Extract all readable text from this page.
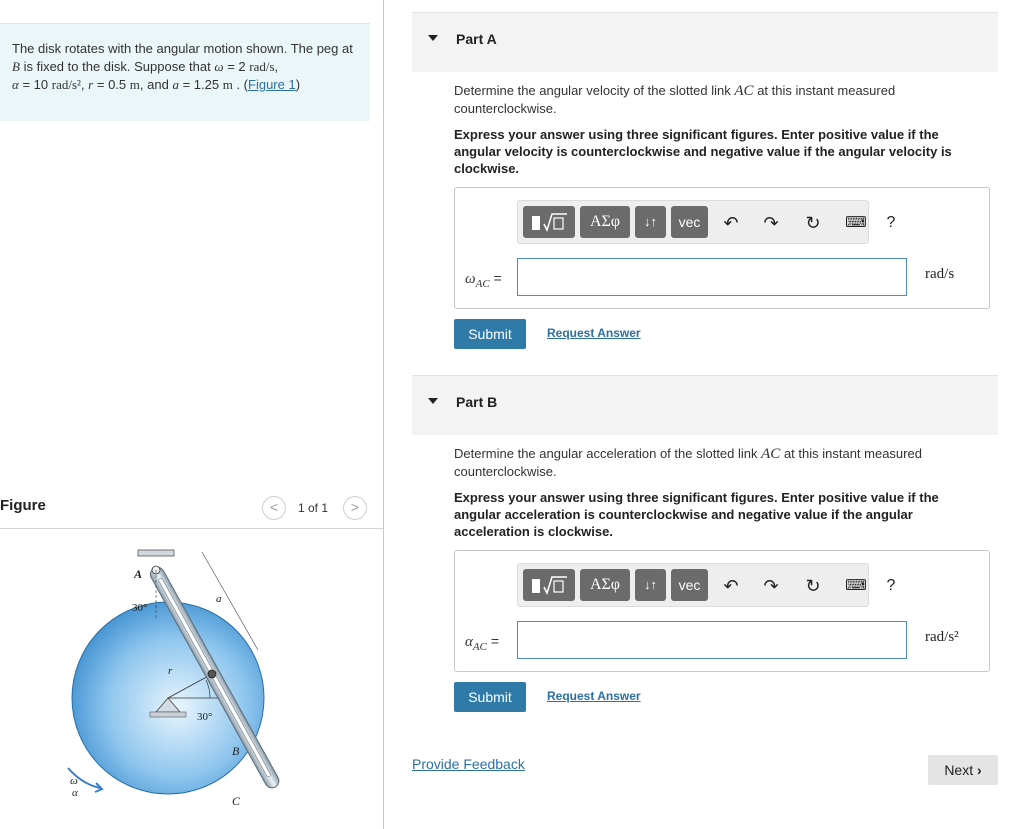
The disk rotates with the angular motion shown. The peg at B is fixed to the disk. Suppose that ω = 2 rad/s,
α = 10 rad/s², r = 0.5 m, and a = 1.25 m . (Figure 1)
Figure	<	1 of 1	>
A
B
C
a
r
30°
30°
ω
α
Part A
Determine the angular velocity of the slotted link AC at this instant measured counterclockwise.
Express your answer using three significant figures. Enter positive value if the angular velocity is counterclockwise and negative value if the angular velocity is clockwise.
ΑΣφ	↓↑	vec	↶	↷	↻	⌨	?
$\omega_{AC}$ =	rad/s
Submit	Request Answer
Part B
Determine the angular acceleration of the slotted link AC at this instant measured counterclockwise.
Express your answer using three significant figures. Enter positive value if the angular acceleration is counterclockwise and negative value if the angular acceleration is clockwise.
ΑΣφ	↓↑	vec	↶	↷	↻	⌨	?
$\alpha_{AC}$ =	rad/s²
Submit	Request Answer
Provide Feedback	Next ›
